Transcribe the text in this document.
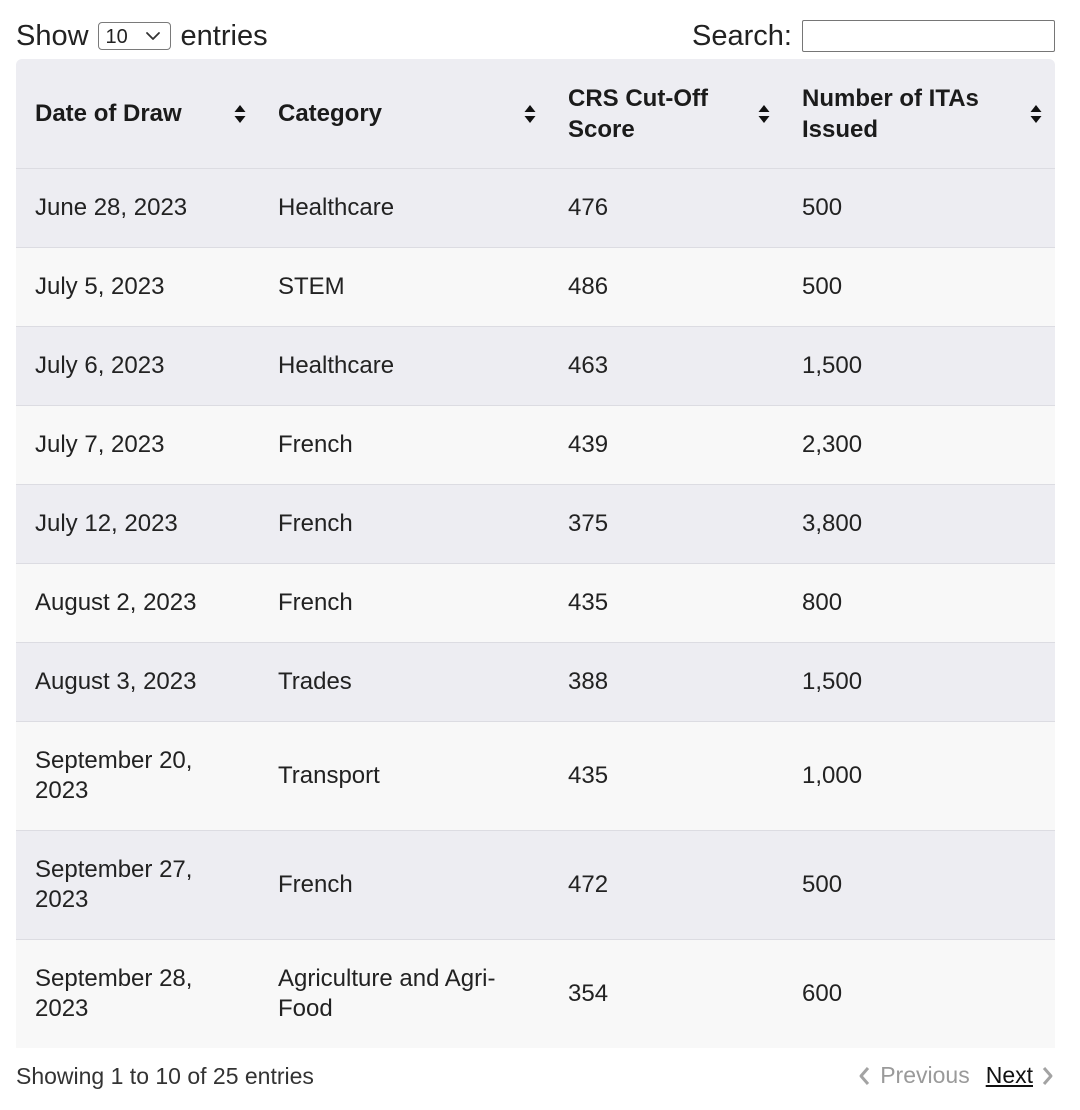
Show 10	entries	Search:
Date of Draw	Category	CRS Cut-Off Score	Number of ITAs Issued

June 28, 2023	Healthcare	476	500
July 5, 2023	STEM	486	500
July 6, 2023	Healthcare	463	1,500
July 7, 2023	French	439	2,300
July 12, 2023	French	375	3,800
August 2, 2023	French	435	800
August 3, 2023	Trades	388	1,500
September 20, 2023	Transport	435	1,000
September 27, 2023	French	472	500
September 28, 2023	Agriculture and Agri-Food	354	600
Showing 1 to 10 of 25 entries	Previous Next
